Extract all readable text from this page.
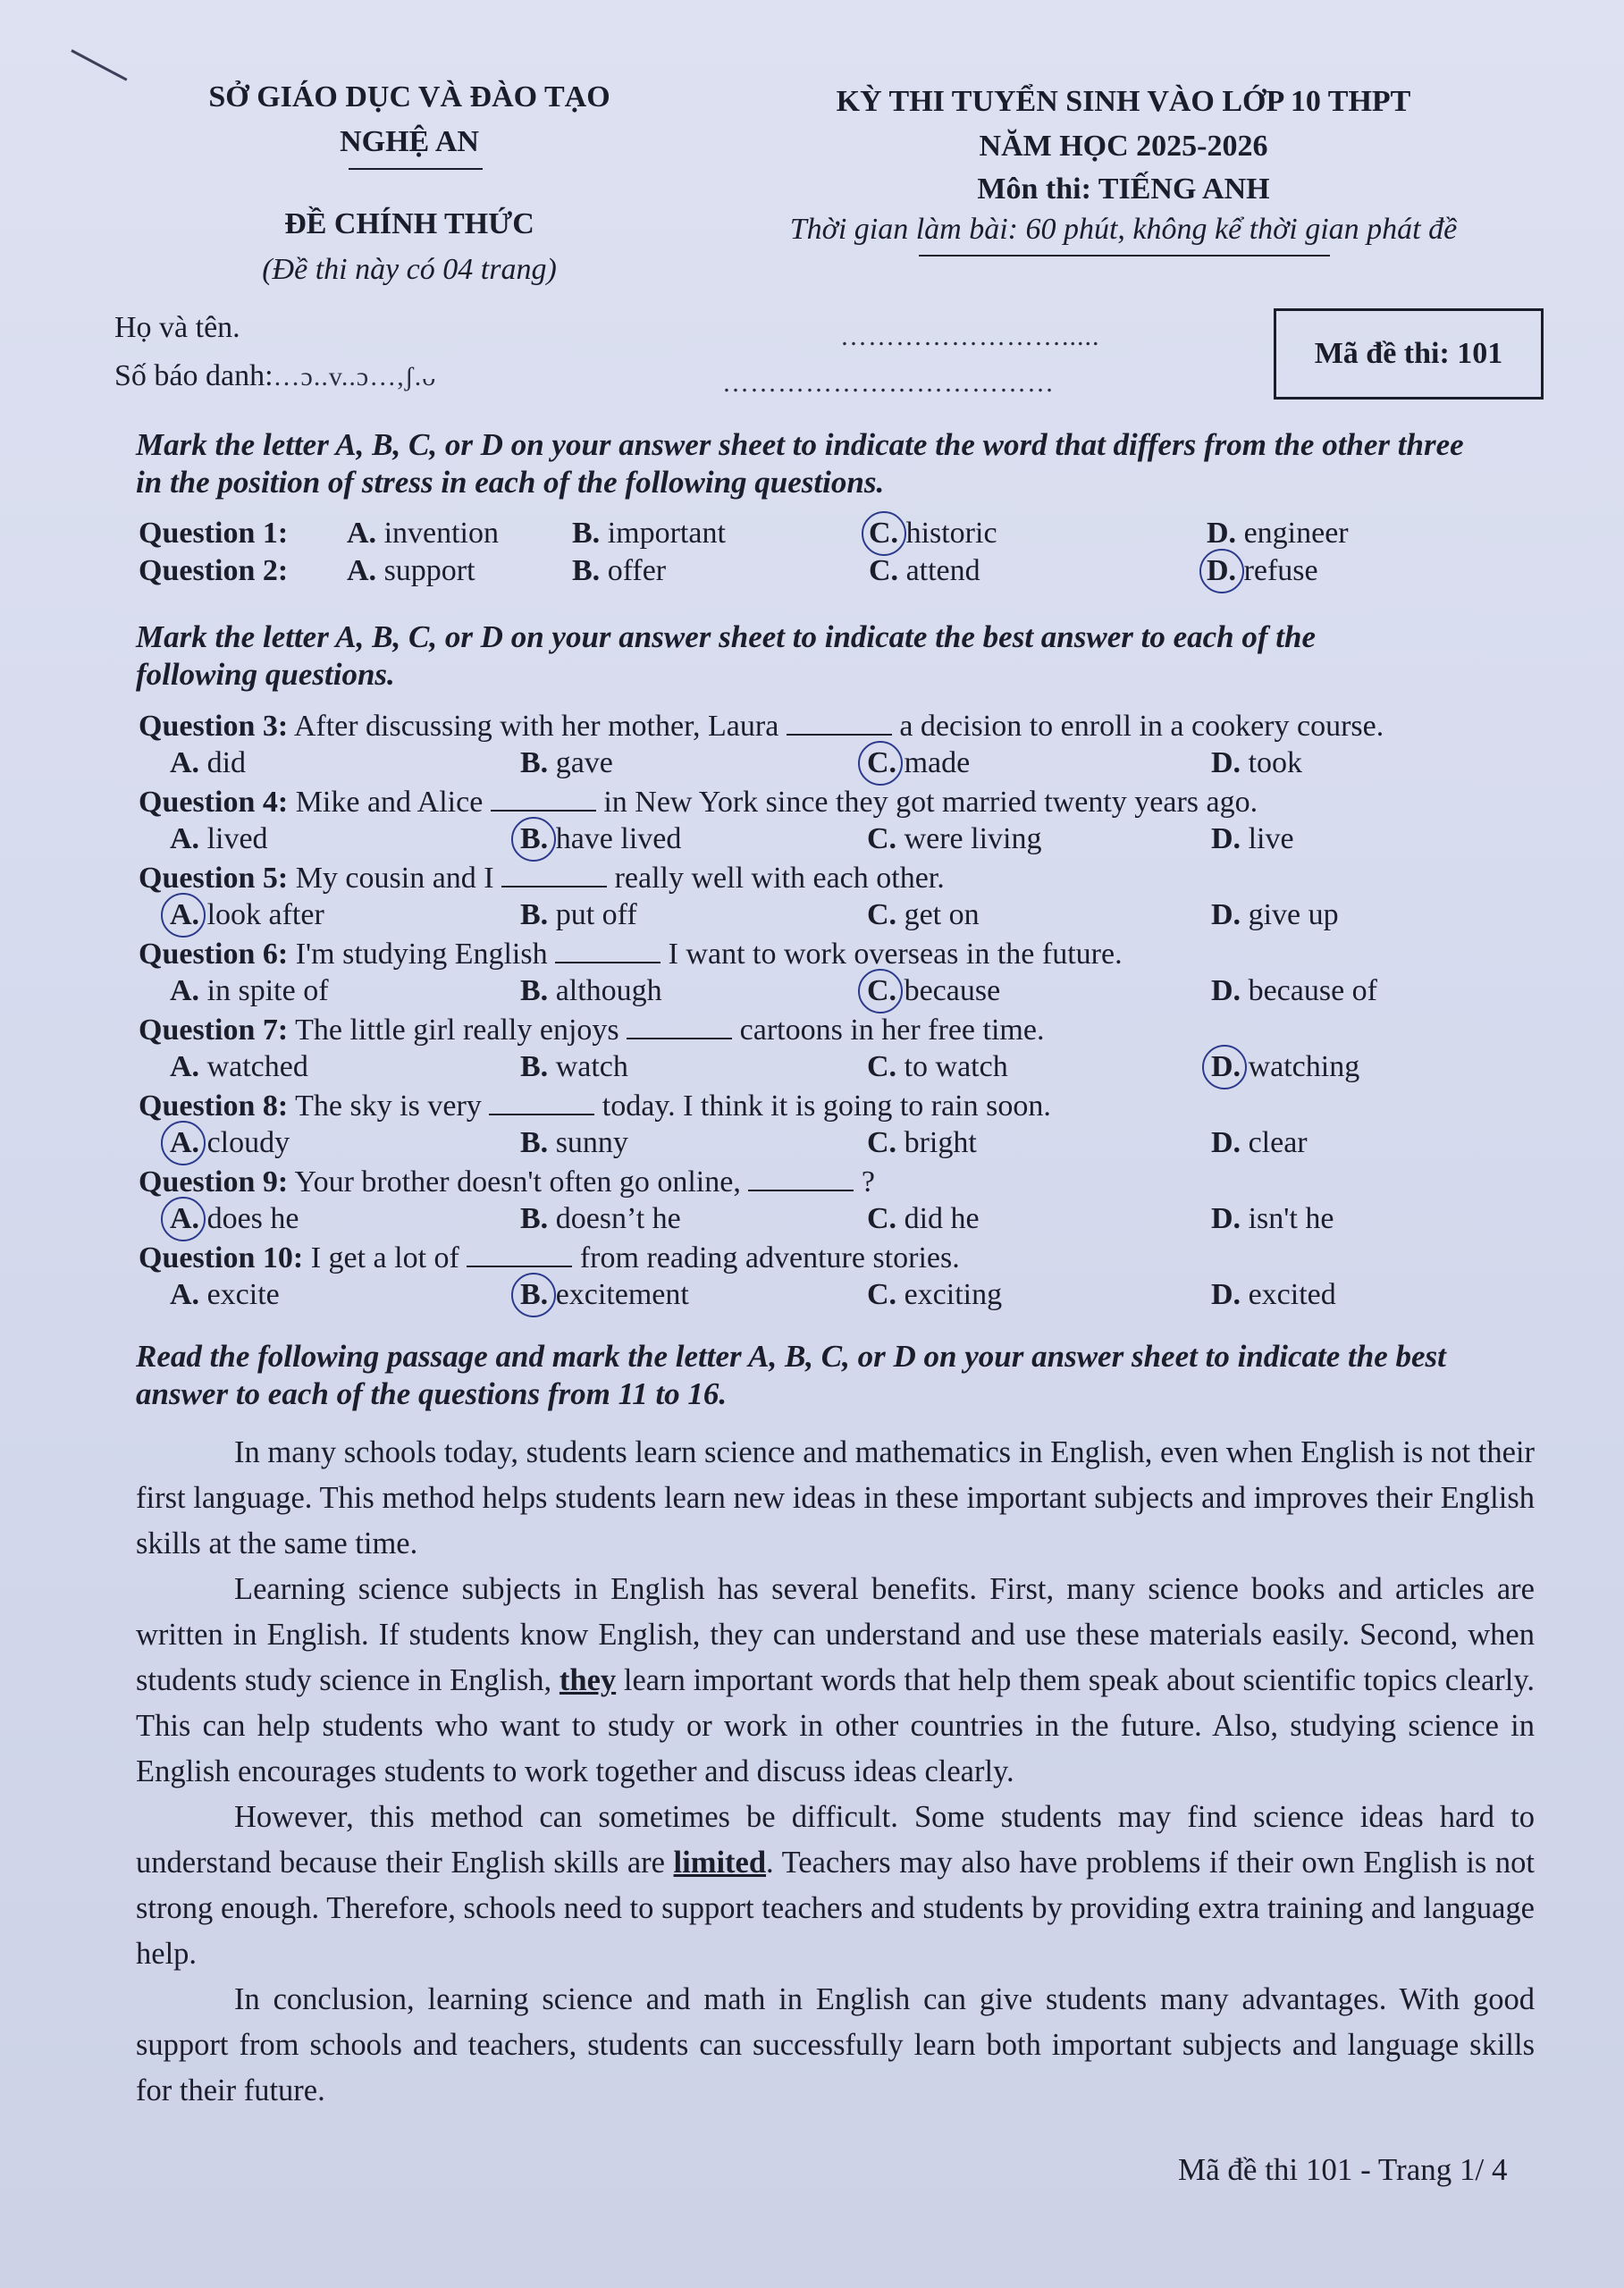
SỞ GIÁO DỤC VÀ ĐÀO TẠO
NGHỆ AN
ĐỀ CHÍNH THỨC
(Đề thi này có 04 trang)
KỲ THI TUYỂN SINH VÀO LỚP 10 THPT
NĂM HỌC 2025-2026
Môn thi: TIẾNG ANH
Thời gian làm bài: 60 phút, không kể thời gian phát đề
Họ và tên.	…………………….....
Số báo danh:…ɔ..v..ɔ…,ʃ.ᴗ	………………………………
Mã đề thi: 101
Mark the letter A, B, C, or D on your answer sheet to indicate the word that differs from the other three in the position of stress in each of the following questions.
Question 1: A. invention B. important	C. historic	D. engineer
Question 2: A. support	B. offer	C. attend	D. refuse
Mark the letter A, B, C, or D on your answer sheet to indicate the best answer to each of the following questions.
Question 3: After discussing with her mother, Laura	a decision to enroll in a cookery course.
A. did	B. gave	C. made	D. took
Question 4: Mike and Alice	in New York since they got married twenty years ago.
A. lived	B. have lived	C. were living	D. live
Question 5: My cousin and I	really well with each other.
A. look after	B. put off	C. get on	D. give up
Question 6: I'm studying English	I want to work overseas in the future.
A. in spite of	B. although	C. because	D. because of
Question 7: The little girl really enjoys	cartoons in her free time.
A. watched	B. watch	C. to watch	D. watching
Question 8: The sky is very	today. I think it is going to rain soon.
A. cloudy	B. sunny	C. bright	D. clear
Question 9: Your brother doesn't often go online,	?
A. does he	B. doesn’t he	C. did he	D. isn't he
Question 10: I get a lot of	from reading adventure stories.
A. excite	B. excitement	C. exciting	D. excited
Read the following passage and mark the letter A, B, C, or D on your answer sheet to indicate the best answer to each of the questions from 11 to 16.

In many schools today, students learn science and mathematics in English, even when English is not their first language. This method helps students learn new ideas in these important subjects and improves their English skills at the same time.

Learning science subjects in English has several benefits. First, many science books and articles are written in English. If students know English, they can understand and use these materials easily. Second, when students study science in English, they learn important words that help them speak about scientific topics clearly. This can help students who want to study or work in other countries in the future. Also, studying science in English encourages students to work together and discuss ideas clearly.

However, this method can sometimes be difficult. Some students may find science ideas hard to understand because their English skills are limited. Teachers may also have problems if their own English is not strong enough. Therefore, schools need to support teachers and students by providing extra training and language help.

In conclusion, learning science and math in English can give students many advantages. With good support from schools and teachers, students can successfully learn both important subjects and language skills for their future.

Mã đề thi 101 - Trang 1/ 4
